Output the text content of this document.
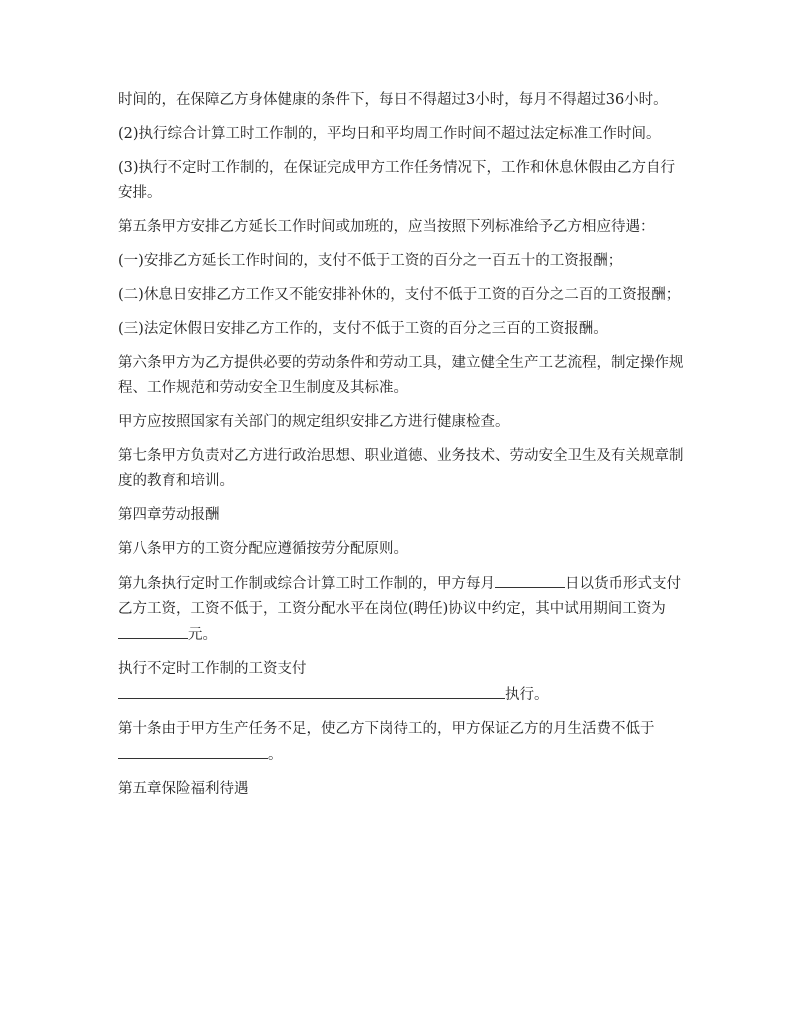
时间的，在保障乙方身体健康的条件下，每日不得超过3小时，每月不得超过36小时。

(2)执行综合计算工时工作制的，平均日和平均周工作时间不超过法定标准工作时间。

(3)执行不定时工作制的，在保证完成甲方工作任务情况下，工作和休息休假由乙方自行安排。

第五条甲方安排乙方延长工作时间或加班的，应当按照下列标准给予乙方相应待遇：

(一)安排乙方延长工作时间的，支付不低于工资的百分之一百五十的工资报酬；

(二)休息日安排乙方工作又不能安排补休的，支付不低于工资的百分之二百的工资报酬；

(三)法定休假日安排乙方工作的，支付不低于工资的百分之三百的工资报酬。

第六条甲方为乙方提供必要的劳动条件和劳动工具，建立健全生产工艺流程，制定操作规程、工作规范和劳动安全卫生制度及其标准。

甲方应按照国家有关部门的规定组织安排乙方进行健康检查。

第七条甲方负责对乙方进行政治思想、职业道德、业务技术、劳动安全卫生及有关规章制度的教育和培训。

第四章劳动报酬

第八条甲方的工资分配应遵循按劳分配原则。

第九条执行定时工作制或综合计算工时工作制的，甲方每月	日以货币形式支付乙方工资，工资不低于，工资分配水平在岗位(聘任)协议中约定，其中试用期间工资为元。

执行不定时工作制的工资支付
执行。

第十条由于甲方生产任务不足，使乙方下岗待工的，甲方保证乙方的月生活费不低于。

第五章保险福利待遇
